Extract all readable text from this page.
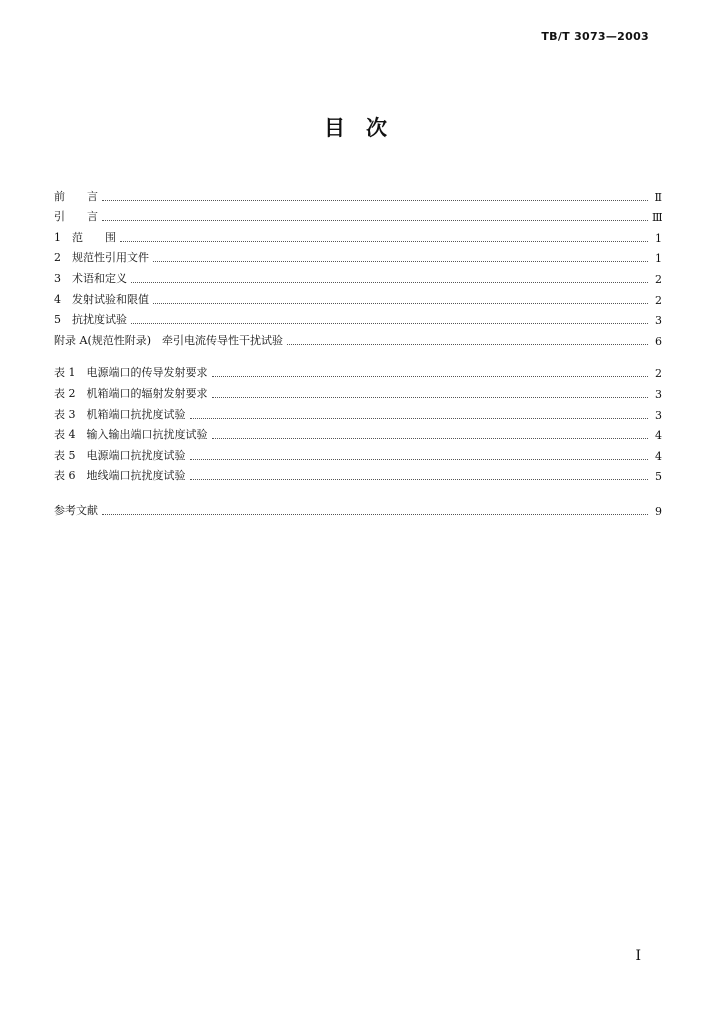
TB/T 3073—2003
目　次
前　　言	Ⅱ
引　　言	Ⅲ
1　范　　围	1
2　规范性引用文件	1
3　术语和定义	2
4　发射试验和限值	2
5　抗扰度试验	3
附录 A(规范性附录)　牵引电流传导性干扰试验	6
表 1　电源端口的传导发射要求	2
表 2　机箱端口的辐射发射要求	3
表 3　机箱端口抗扰度试验	3
表 4　输入输出端口抗扰度试验	4
表 5　电源端口抗扰度试验	4
表 6　地线端口抗扰度试验	5
参考文献	9
I
